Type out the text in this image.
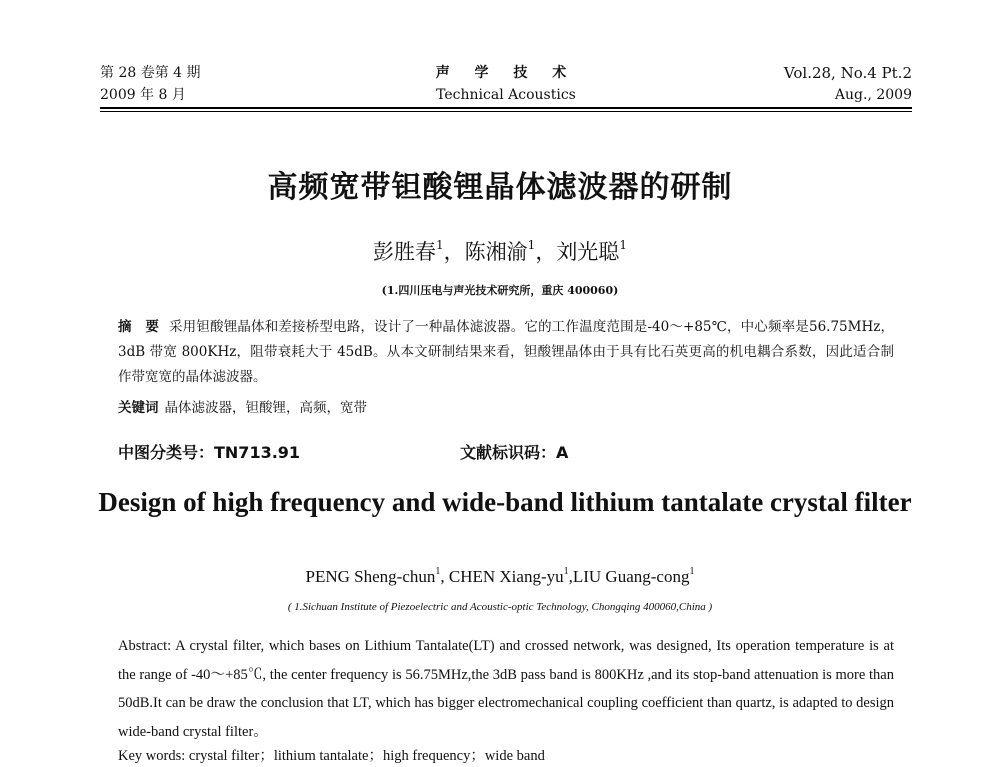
第 28 卷第 4 期
2009 年 8 月
声 学 技 术
Technical Acoustics
Vol.28, No.4 Pt.2
Aug., 2009
高频宽带钽酸锂晶体滤波器的研制
彭胜春$^1$，陈湘渝$^1$，刘光聪$^1$
(1.四川压电与声光技术研究所，重庆 400060)
摘　要 采用钽酸锂晶体和差接桥型电路，设计了一种晶体滤波器。它的工作温度范围是-40～+85℃，中心频率是56.75MHz，3dB 带宽 800KHz，阻带衰耗大于 45dB。从本文研制结果来看，钽酸锂晶体由于具有比石英更高的机电耦合系数，因此适合制作带宽宽的晶体滤波器。
关键词 晶体滤波器，钽酸锂，高频，宽带
中图分类号：TN713.91	文献标识码：A
Design of high frequency and wide-band lithium tantalate crystal filter
PENG Sheng-chun$^1$, CHEN Xiang-$yu^1,LIU$ Guang-cong$^1$
( 1.Sichuan Institute of Piezoelectric and Acoustic-optic Technology, Chongqing 400060,China )
Abstract: A crystal filter, which bases on Lithium Tantalate(LT) and crossed network, was designed, Its operation temperature is at the range of -40～+85℃, the center frequency is 56.75MHz,the 3dB pass band is 800KHz ,and its stop-band attenuation is more than 50dB.It can be draw the conclusion that LT, which has bigger electromechanical coupling coefficient than quartz, is adapted to design wide-band crystal filter。
Key words: crystal filter；lithium tantalate；high frequency；wide band
